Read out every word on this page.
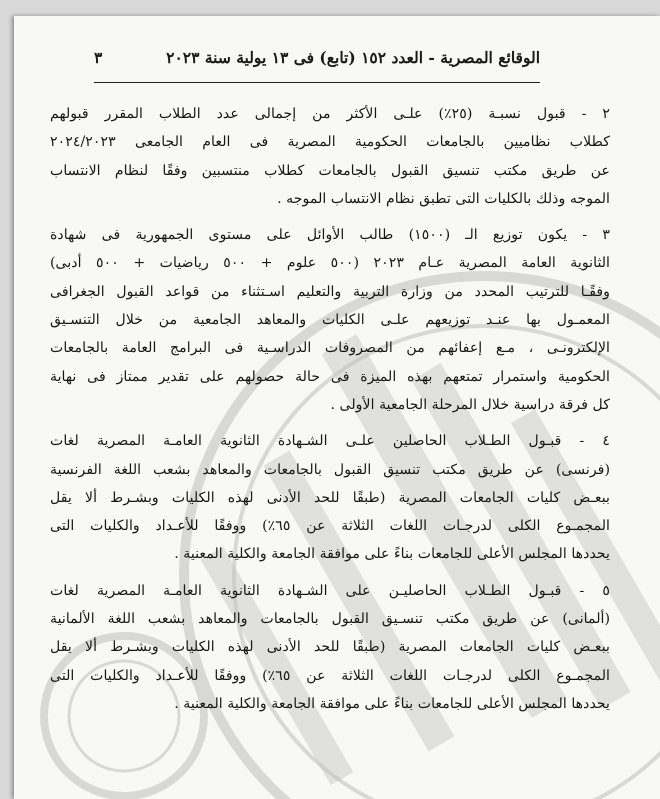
الوقائع المصرية - العدد ١٥٢ (تابع) فى ١٣ يولية سنة ٢٠٢٣
٣

٢ - قبول نسبـة (٢٥٪) علـى الأكثر من إجمالى عدد الطلاب المقرر قبولهم
كطلاب نظاميين بالجامعات الحكومية المصرية فى العام الجامعى ٢٠٢٤/٢٠٢٣
عن طريق مكتب تنسيق القبول بالجامعات كطلاب منتسبين وفقًا لنظام الانتساب
الموجه وذلك بالكليات التى تطبق نظام الانتساب الموجه .

٣ - يكون توزيع الـ (١٥٠٠) طالب الأوائل على مستوى الجمهورية فى شهادة
الثانوية العامة المصرية عـام ٢٠٢٣ (٥٠٠ علوم + ٥٠٠ رياضيات + ٥٠٠ أدبى)
وفقًـا للترتيب المحدد من وزارة التربية والتعليم اسـتثناء من قواعد القبول الجغرافى
المعمـول بها عنـد توزيعهم علـى الكليات والمعاهد الجامعية من خلال التنسـيق
الإلكترونـى ، مـع إعفائهم من المصروفات الدراسـية فى البرامج العامة بالجامعات
الحكومية واستمرار تمتعهم بهذه الميزة فى حالة حصولهم على تقدير ممتاز فى نهاية
كل فرقة دراسية خلال المرحلة الجامعية الأولى .

٤ - قبـول الطـلاب الحاصلين علـى الشـهادة الثانوية العامـة المصرية لغات
(فرنسى) عن طريق مكتب تنسيق القبول بالجامعات والمعاهد بشعب اللغة الفرنسية
ببعـض كليات الجامعات المصرية (طبقًا للحد الأدنى لهذه الكليات وبشـرط ألا يقل
المجمـوع الكلى لدرجـات اللغات الثلاثة عن ٦٥٪) ووفقًا للأعـداد والكليات التى
يحددها المجلس الأعلى للجامعات بناءً على موافقة الجامعة والكلية المعنية .

٥ - قبـول الطـلاب الحاصليـن على الشـهادة الثانوية العامـة المصرية لغات
(ألمانى) عن طريق مكتب تنسـيق القبول بالجامعات والمعاهد بشعب اللغة الألمانية
ببعـض كليات الجامعات المصرية (طبقًا للحد الأدنى لهذه الكليات وبشـرط ألا يقل
المجمـوع الكلى لدرجـات اللغات الثلاثة عن ٦٥٪) ووفقًا للأعـداد والكليات التى
يحددها المجلس الأعلى للجامعات بناءً على موافقة الجامعة والكلية المعنية .
